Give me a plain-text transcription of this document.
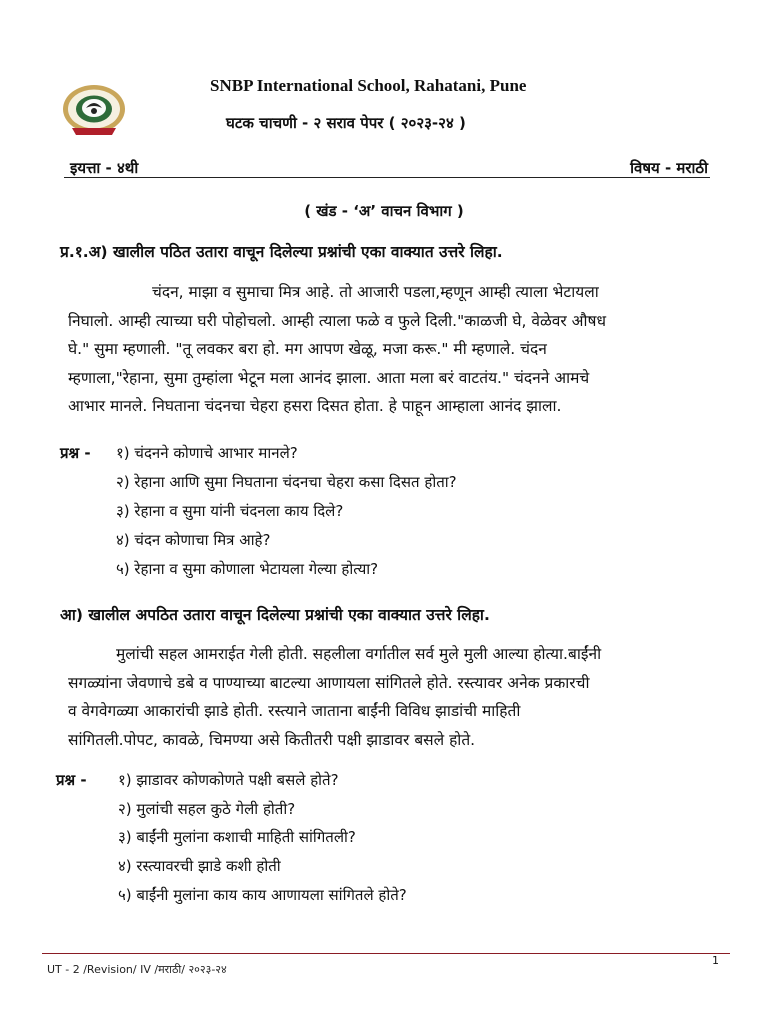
SNBP International School, Rahatani, Pune
घटक चाचणी - २ सराव पेपर ( २०२३-२४ )
इयत्ता - ४थी	विषय - मराठी
( खंड - ‘अ’ वाचन विभाग )
प्र.१.अ) खालील पठित उतारा वाचून दिलेल्या प्रश्नांची एका वाक्यात उत्तरे लिहा.
चंदन, माझा व सुमाचा मित्र आहे. तो आजारी पडला,म्हणून आम्ही त्याला भेटायला
निघालो. आम्ही त्याच्या घरी पोहोचलो. आम्ही त्याला फळे व फुले दिली."काळजी घे, वेळेवर औषध
घे." सुमा म्हणाली. "तू लवकर बरा हो. मग आपण खेळू, मजा करू." मी म्हणाले. चंदन
म्हणाला,"रेहाना, सुमा तुम्हांला भेटून मला आनंद झाला. आता मला बरं वाटतंय." चंदनने आमचे
आभार मानले. निघताना चंदनचा चेहरा हसरा दिसत होता. हे पाहून आम्हाला आनंद झाला.
प्रश्न - १) चंदनने कोणाचे आभार मानले?
२) रेहाना आणि सुमा निघताना चंदनचा चेहरा कसा दिसत होता?
३) रेहाना व सुमा यांनी चंदनला काय दिले?
४) चंदन कोणाचा मित्र आहे?
५) रेहाना व सुमा कोणाला भेटायला गेल्या होत्या?
आ) खालील अपठित उतारा वाचून दिलेल्या प्रश्नांची एका वाक्यात उत्तरे लिहा.
मुलांची सहल आमराईत गेली होती. सहलीला वर्गातील सर्व मुले मुली आल्या होत्या.बाईंनी
सगळ्यांना जेवणाचे डबे व पाण्याच्या बाटल्या आणायला सांगितले होते. रस्त्यावर अनेक प्रकारची
व वेगवेगळ्या आकारांची झाडे होती. रस्त्याने जाताना बाईंनी विविध झाडांची माहिती
सांगितली.पोपट, कावळे, चिमण्या असे कितीतरी पक्षी झाडावर बसले होते.
प्रश्न - १) झाडावर कोणकोणते पक्षी बसले होते?
२) मुलांची सहल कुठे गेली होती?
३) बाईंनी मुलांना कशाची माहिती सांगितली?
४) रस्त्यावरची झाडे कशी होती
५) बाईंनी मुलांना काय काय आणायला सांगितले होते?
UT - 2 /Revision/ IV /मराठी/ २०२३-२४
1
